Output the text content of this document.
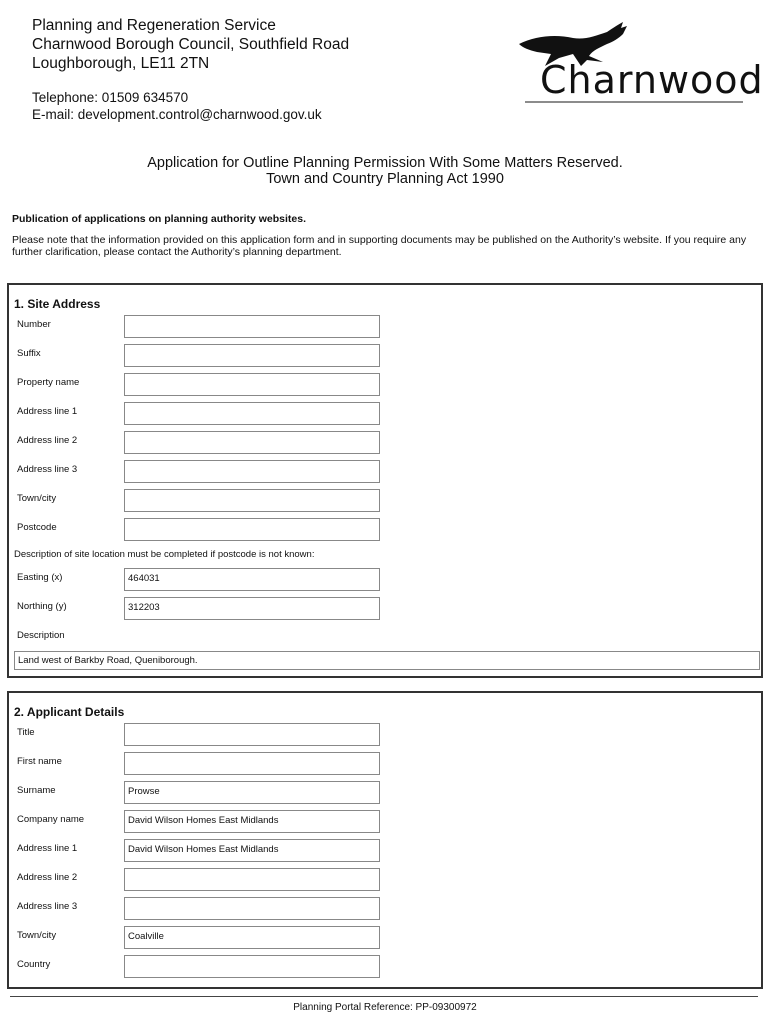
Planning and Regeneration Service
Charnwood Borough Council, Southfield Road
Loughborough, LE11 2TN
Telephone: 01509 634570
E-mail: development.control@charnwood.gov.uk
Charnwood
Application for Outline Planning Permission With Some Matters Reserved.
Town and Country Planning Act 1990
Publication of applications on planning authority websites.
Please note that the information provided on this application form and in supporting documents may be published on the Authority’s website. If you require any further clarification, please contact the Authority’s planning department.
1. Site Address
Number
Suffix
Property name
Address line 1
Address line 2
Address line 3
Town/city
Postcode
Description of site location must be completed if postcode is not known:
Easting (x)	464031
Northing (y)	312203
Description
Land west of Barkby Road, Queniborough.
2. Applicant Details
Title
First name
Surname	Prowse
Company name	David Wilson Homes East Midlands
Address line 1	David Wilson Homes East Midlands
Address line 2
Address line 3
Town/city	Coalville
Country
Planning Portal Reference: PP-09300972
